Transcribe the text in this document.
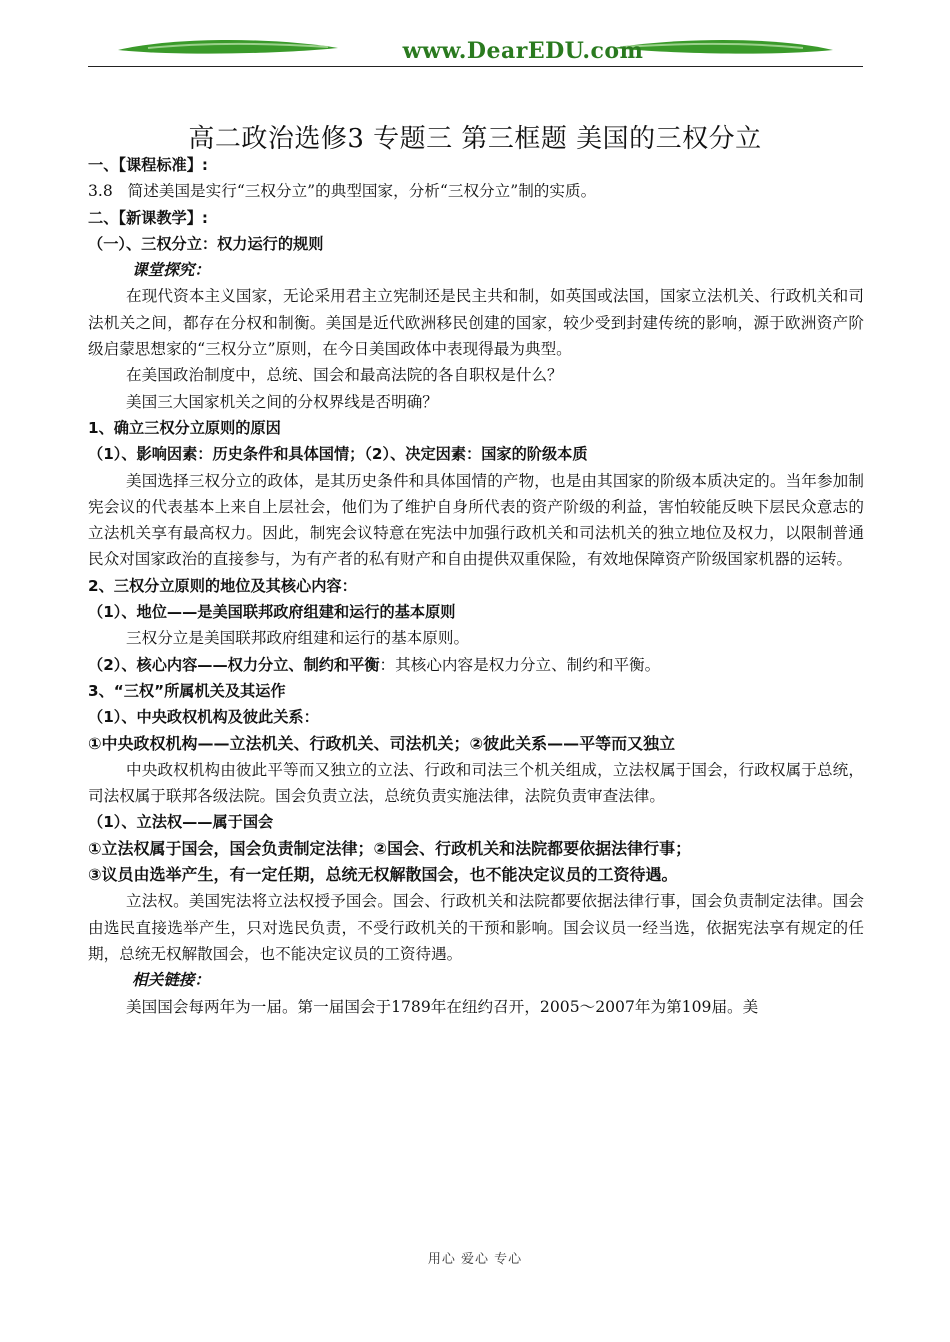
www.DearEDU.com
高二政治选修3 专题三 第三框题 美国的三权分立
一、【课程标准】:
3.8   简述美国是实行“三权分立”的典型国家，分析“三权分立”制的实质。
二、【新课教学】:
（一）、三权分立：权力运行的规则
课堂探究：
在现代资本主义国家，无论采用君主立宪制还是民主共和制，如英国或法国，国家立法机关、行政机关和司法机关之间，都存在分权和制衡。美国是近代欧洲移民创建的国家，较少受到封建传统的影响，源于欧洲资产阶级启蒙思想家的“三权分立”原则，在今日美国政体中表现得最为典型。
在美国政治制度中，总统、国会和最高法院的各自职权是什么？
美国三大国家机关之间的分权界线是否明确？
1、确立三权分立原则的原因
（1）、影响因素：历史条件和具体国情；（2）、决定因素：国家的阶级本质
美国选择三权分立的政体，是其历史条件和具体国情的产物，也是由其国家的阶级本质决定的。当年参加制宪会议的代表基本上来自上层社会，他们为了维护自身所代表的资产阶级的利益，害怕较能反映下层民众意志的立法机关享有最高权力。因此，制宪会议特意在宪法中加强行政机关和司法机关的独立地位及权力，以限制普通民众对国家政治的直接参与，为有产者的私有财产和自由提供双重保险，有效地保障资产阶级国家机器的运转。
2、三权分立原则的地位及其核心内容：
（1）、地位——是美国联邦政府组建和运行的基本原则
三权分立是美国联邦政府组建和运行的基本原则。
（2）、核心内容——权力分立、制约和平衡：其核心内容是权力分立、制约和平衡。
3、“三权”所属机关及其运作
（1）、中央政权机构及彼此关系：
①中央政权机构——立法机关、行政机关、司法机关；②彼此关系——平等而又独立
中央政权机构由彼此平等而又独立的立法、行政和司法三个机关组成，立法权属于国会，行政权属于总统，司法权属于联邦各级法院。国会负责立法，总统负责实施法律，法院负责审查法律。
（1）、立法权——属于国会
①立法权属于国会，国会负责制定法律；②国会、行政机关和法院都要依据法律行事；
③议员由选举产生，有一定任期，总统无权解散国会，也不能决定议员的工资待遇。
立法权。美国宪法将立法权授予国会。国会、行政机关和法院都要依据法律行事，国会负责制定法律。国会由选民直接选举产生，只对选民负责，不受行政机关的干预和影响。国会议员一经当选，依据宪法享有规定的任期，总统无权解散国会，也不能决定议员的工资待遇。
相关链接：
美国国会每两年为一届。第一届国会于1789年在纽约召开，2005～2007年为第109届。美
用心 爱心 专心
